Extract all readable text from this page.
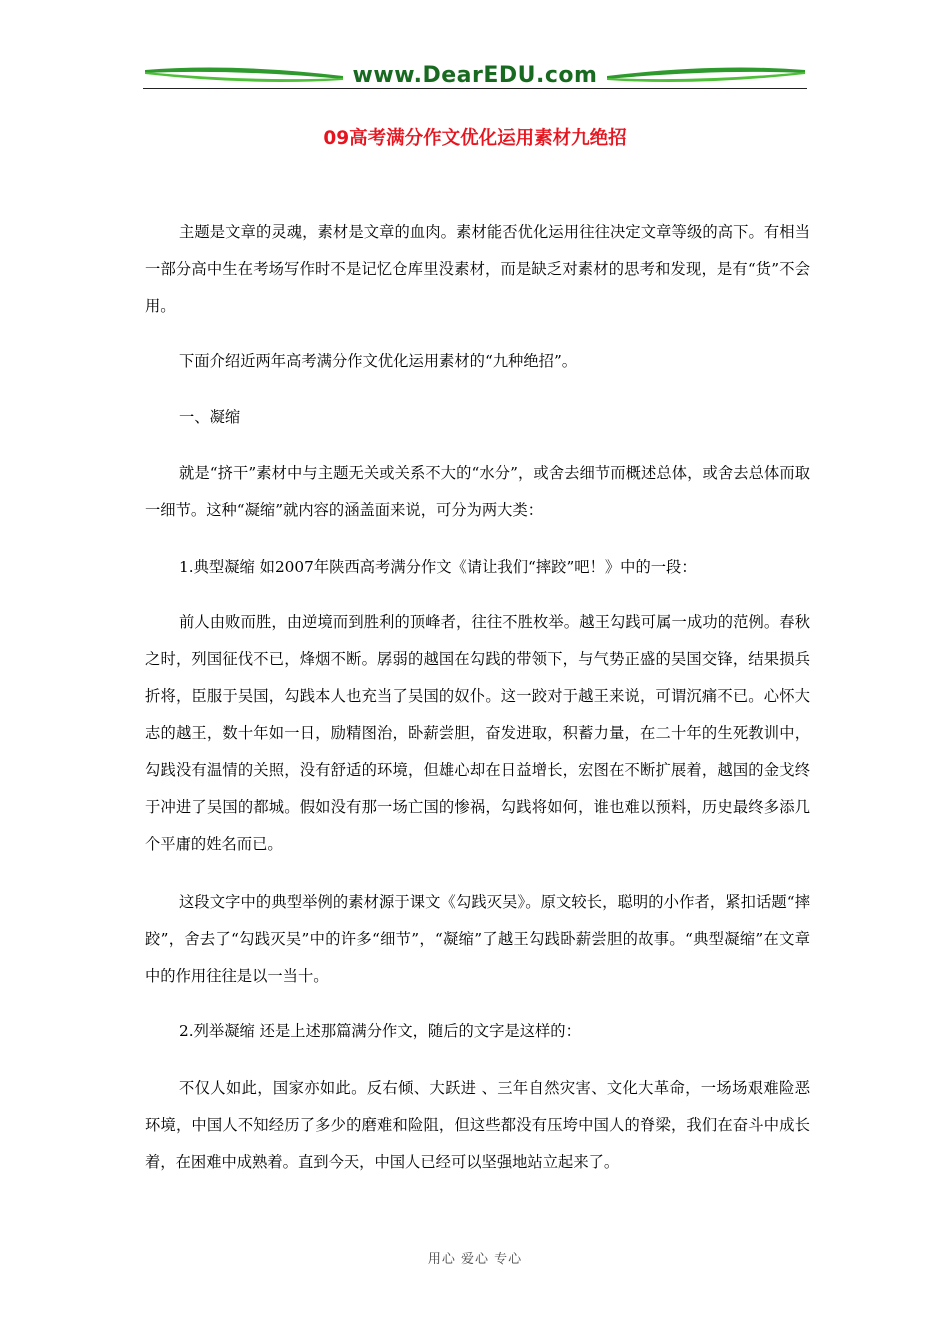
www.DearEDU.com
09高考满分作文优化运用素材九绝招

主题是文章的灵魂，素材是文章的血肉。素材能否优化运用往往决定文章等级的高下。有相当一部分高中生在考场写作时不是记忆仓库里没素材，而是缺乏对素材的思考和发现，是有“货”不会用。

下面介绍近两年高考满分作文优化运用素材的“九种绝招”。

一、凝缩

就是“挤干”素材中与主题无关或关系不大的“水分”，或舍去细节而概述总体，或舍去总体而取一细节。这种“凝缩”就内容的涵盖面来说，可分为两大类：

1.典型凝缩 如2007年陕西高考满分作文《请让我们“摔跤”吧！》中的一段：

前人由败而胜，由逆境而到胜利的顶峰者，往往不胜枚举。越王勾践可属一成功的范例。春秋之时，列国征伐不已，烽烟不断。孱弱的越国在勾践的带领下，与气势正盛的吴国交锋，结果损兵折将，臣服于吴国，勾践本人也充当了吴国的奴仆。这一跤对于越王来说，可谓沉痛不已。心怀大志的越王，数十年如一日，励精图治，卧薪尝胆，奋发进取，积蓄力量，在二十年的生死教训中，勾践没有温情的关照，没有舒适的环境，但雄心却在日益增长，宏图在不断扩展着，越国的金戈终于冲进了吴国的都城。假如没有那一场亡国的惨祸，勾践将如何，谁也难以预料，历史最终多添几个平庸的姓名而已。

这段文字中的典型举例的素材源于课文《勾践灭吴》。原文较长，聪明的小作者，紧扣话题“摔跤”，舍去了“勾践灭吴”中的许多“细节”，“凝缩”了越王勾践卧薪尝胆的故事。“典型凝缩”在文章中的作用往往是以一当十。

2.列举凝缩 还是上述那篇满分作文，随后的文字是这样的：

不仅人如此，国家亦如此。反右倾、大跃进 、三年自然灾害、文化大革命，一场场艰难险恶环境，中国人不知经历了多少的磨难和险阻，但这些都没有压垮中国人的脊梁，我们在奋斗中成长着，在困难中成熟着。直到今天，中国人已经可以坚强地站立起来了。

用心 爱心 专心
